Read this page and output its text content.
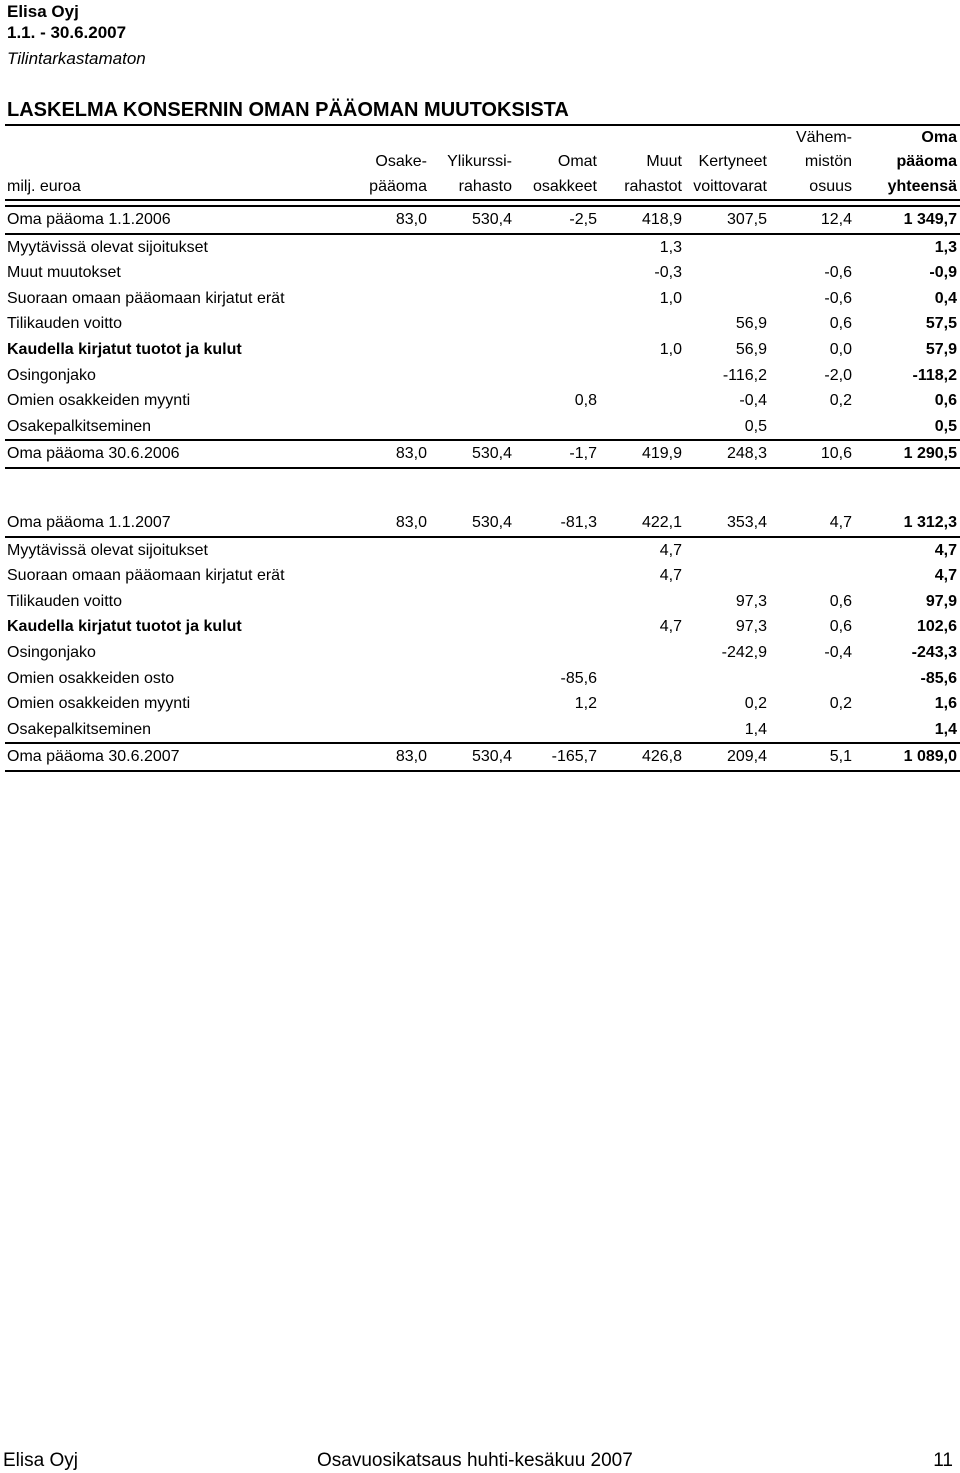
Elisa Oyj
1.1. - 30.6.2007
Tilintarkastamaton
LASKELMA KONSERNIN OMAN PÄÄOMAN MUUTOKSISTA
						Vähem-	Oma
	Osake-	Ylikurssi-	Omat	Muut	Kertyneet	mistön	pääoma
milj. euroa	pääoma	rahasto	osakkeet	rahastot	voittovarat	osuus	yhteensä
Oma pääoma 1.1.2006	83,0	530,4	-2,5	418,9	307,5	12,4	1 349,7
Myytävissä olevat sijoitukset				1,3			1,3
Muut muutokset				-0,3		-0,6	-0,9
Suoraan omaan pääomaan kirjatut erät				1,0		-0,6	0,4
Tilikauden voitto					56,9	0,6	57,5
Kaudella kirjatut tuotot ja kulut				1,0	56,9	0,0	57,9
Osingonjako					-116,2	-2,0	-118,2
Omien osakkeiden myynti			0,8		-0,4	0,2	0,6
Osakepalkitseminen					0,5		0,5
Oma pääoma 30.6.2006	83,0	530,4	-1,7	419,9	248,3	10,6	1 290,5
Oma pääoma 1.1.2007	83,0	530,4	-81,3	422,1	353,4	4,7	1 312,3
Myytävissä olevat sijoitukset				4,7			4,7
Suoraan omaan pääomaan kirjatut erät				4,7			4,7
Tilikauden voitto					97,3	0,6	97,9
Kaudella kirjatut tuotot ja kulut				4,7	97,3	0,6	102,6
Osingonjako					-242,9	-0,4	-243,3
Omien osakkeiden osto			-85,6				-85,6
Omien osakkeiden myynti			1,2		0,2	0,2	1,6
Osakepalkitseminen					1,4		1,4
Oma pääoma 30.6.2007	83,0	530,4	-165,7	426,8	209,4	5,1	1 089,0
Elisa Oyj	Osavuosikatsaus huhti-kesäkuu 2007	11
